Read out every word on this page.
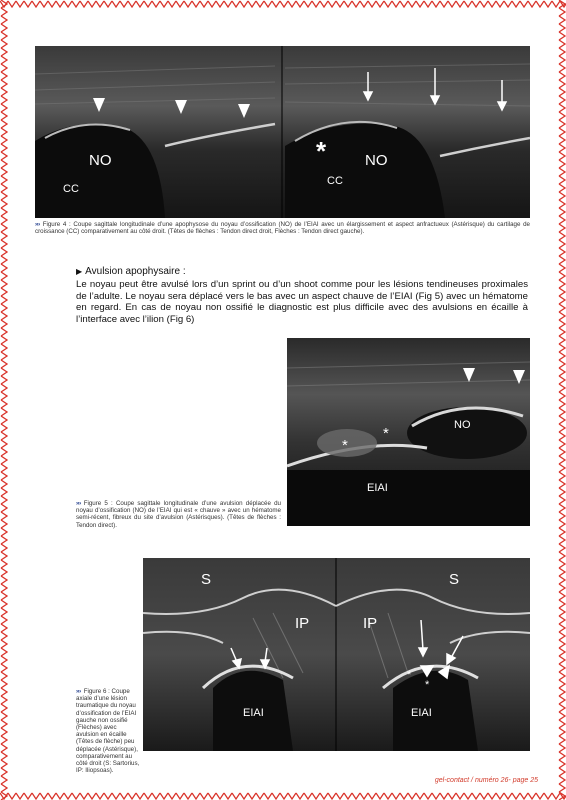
NO
CC
*	NO
CC
››› Figure 4 : Coupe sagittale longitudinale d’une apophysose du noyau d’ossification (NO) de l’EIAI avec un élargissement et aspect anfractueux (Astérisque) du cartilage de croissance (CC) comparativement au côté droit. (Têtes de flèches : Tendon direct droit, Flèches : Tendon direct gauche).
▶ Avulsion apophysaire :
Le noyau peut être avulsé lors d’un sprint ou d’un shoot comme pour les lésions tendineuses proximales de l’adulte. Le noyau sera déplacé vers le bas avec un aspect chauve de l’EIAI (Fig 5) avec un hématome en regard. En cas de noyau non ossifié le diagnostic est plus difficile avec des avulsions en écaille à l’interface avec l’ilion (Fig 6)
NO
*
*
EIAI
››› Figure 5 : Coupe sagittale longitudinale d’une avulsion déplacée du noyau d’ossification (NO) de l’EIAI qui est « chauve » avec un hématome semi-récent, fibreux du site d’avulsion (Astérisques). (Têtes de flèches : Tendon direct).
S	S
IP	IP
*
*
EIAI	EIAI
››› Figure 6 : Coupe axiale d’une lésion traumatique du noyau d’ossification de l’EIAI gauche non ossifié (Flèches) avec avulsion en écaille (Têtes de flèche) peu déplacée (Astérisque), comparativement au côté droit (S: Sartorius, IP: Iliopsoas).
gel-contact / numéro 26- page 25
